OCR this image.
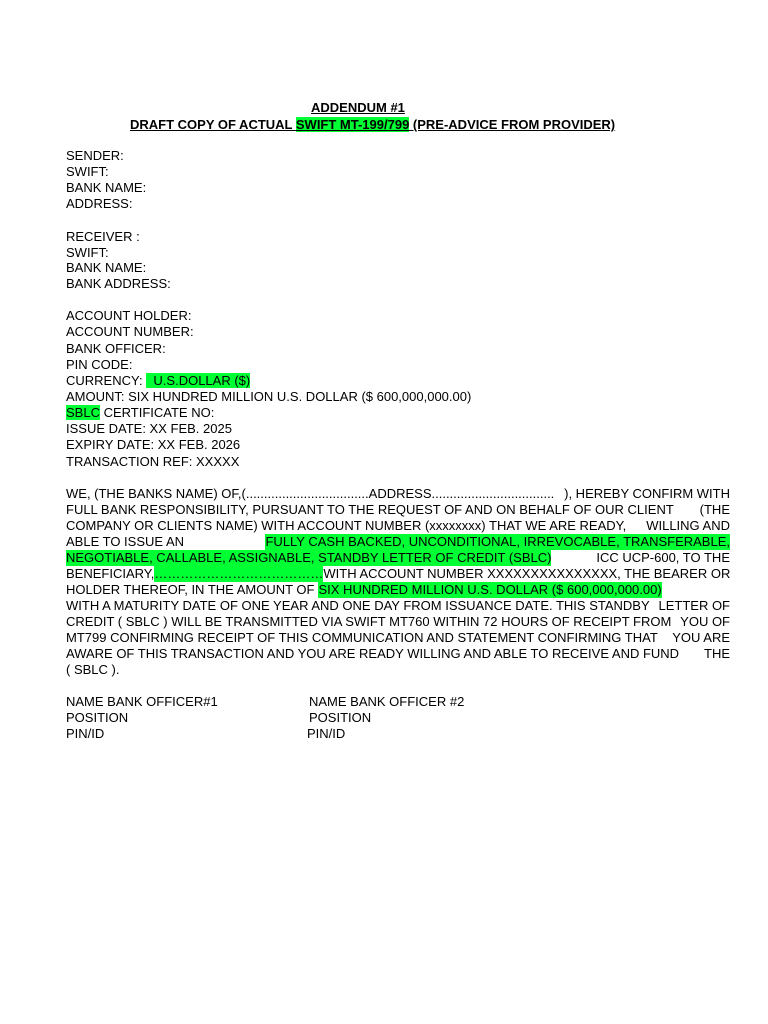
ADDENDUM #1
DRAFT COPY OF ACTUAL SWIFT MT-199/799 (PRE-ADVICE FROM PROVIDER)
SENDER:
SWIFT:
BANK NAME:
ADDRESS:
RECEIVER :
SWIFT:
BANK NAME:
BANK ADDRESS:
ACCOUNT HOLDER:
ACCOUNT NUMBER:
BANK OFFICER:
PIN CODE:
CURRENCY:   U.S.DOLLAR ($)
AMOUNT: SIX HUNDRED MILLION U.S. DOLLAR ($ 600,000,000.00)
SBLC CERTIFICATE NO:
ISSUE DATE: XX FEB. 2025
EXPIRY DATE: XX FEB. 2026
TRANSACTION REF: XXXXX
WE, (THE BANKS NAME) OF,(..................................ADDRESS.................................. ), HEREBY CONFIRM WITH
FULL BANK RESPONSIBILITY, PURSUANT TO THE REQUEST OF AND ON BEHALF OF OUR CLIENT (THE
COMPANY OR CLIENTS NAME) WITH ACCOUNT NUMBER (xxxxxxxx) THAT WE ARE READY, WILLING AND
ABLE TO ISSUE AN	FULLY CASH BACKED, UNCONDITIONAL, IRREVOCABLE, TRANSFERABLE,
NEGOTIABLE, CALLABLE, ASSIGNABLE, STANDBY LETTER OF CREDIT (SBLC)	ICC UCP-600, TO THE
BENEFICIARY, ………………………………… WITH ACCOUNT NUMBER XXXXXXXXXXXXXXX, THE BEARER OR
HOLDER THEREOF, IN THE AMOUNT OF SIX HUNDRED MILLION U.S. DOLLAR ($ 600,000,000.00)
WITH A MATURITY DATE OF ONE YEAR AND ONE DAY FROM ISSUANCE DATE. THIS STANDBY LETTER OF
CREDIT ( SBLC ) WILL BE TRANSMITTED VIA SWIFT MT760 WITHIN 72 HOURS OF RECEIPT FROM YOU OF
MT799 CONFIRMING RECEIPT OF THIS COMMUNICATION AND STATEMENT CONFIRMING THAT YOU ARE
AWARE OF THIS TRANSACTION AND YOU ARE READY WILLING AND ABLE TO RECEIVE AND FUND THE
( SBLC ).
NAME BANK OFFICER#1
POSITION
PIN/ID
NAME BANK OFFICER #2
POSITION
PIN/ID
